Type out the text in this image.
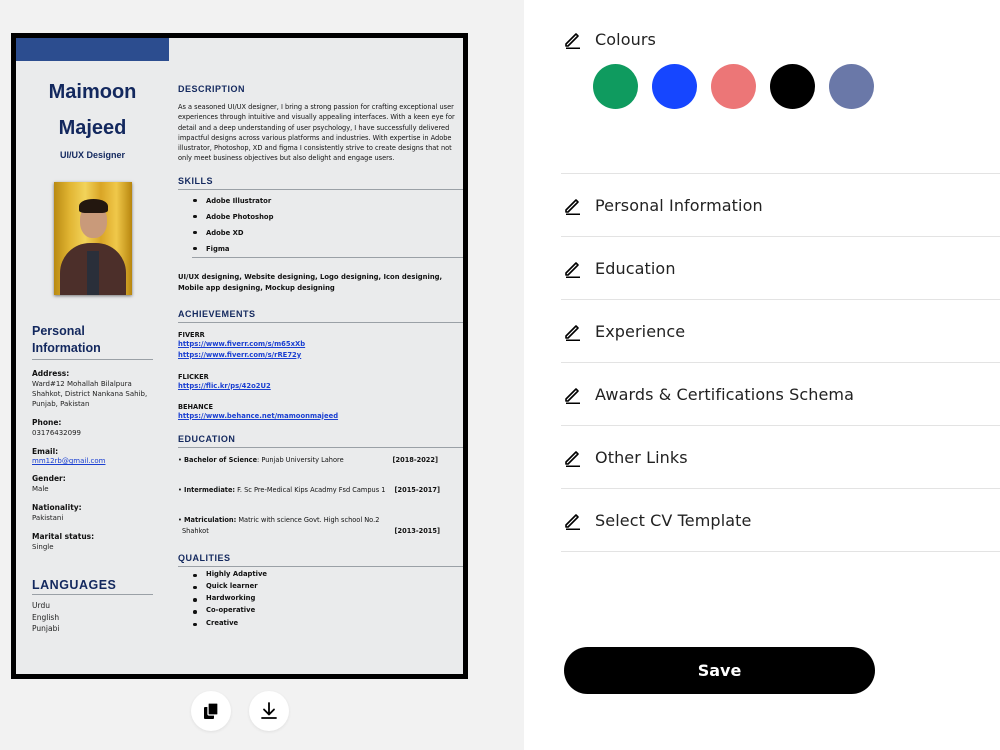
Maimoon
Majeed
UI/UX Designer
Personal Information
Address:
Ward#12 Mohallah Bilalpura Shahkot, District Nankana Sahib, Punjab, Pakistan
Phone:
03176432099
Email:
mm12rb@gmail.com
Gender:
Male
Nationality:
Pakistani
Marital status:
Single
LANGUAGES
Urdu
English
Punjabi
DESCRIPTION
As a seasoned UI/UX designer, I bring a strong passion for crafting exceptional user experiences through intuitive and visually appealing interfaces. With a keen eye for detail and a deep understanding of user psychology, I have successfully delivered impactful designs across various platforms and industries. With expertise in Adobe illustrator, Photoshop, XD and figma I consistently strive to create designs that not only meet business objectives but also delight and engage users.
SKILLS
Adobe Illustrator
Adobe Photoshop
Adobe XD
Figma
UI/UX designing, Website designing, Logo designing, Icon designing, Mobile app designing, Mockup designing
ACHIEVEMENTS
FIVERR
https://www.fiverr.com/s/m65xXb
https://www.fiverr.com/s/rRE72y
FLICKER
https://flic.kr/ps/42o2U2
BEHANCE
https://www.behance.net/mamoonmajeed
EDUCATION
• Bachelor of Science: Punjab University Lahore	[2018-2022]
• Intermediate: F. Sc Pre-Medical Kips Acadmy Fsd Campus 1 [2015-2017]
• Matriculation: Matric with science Govt. High school No.2
Shahkot	[2013-2015]
QUALITIES
Highly Adaptive
Quick learner
Hardworking
Co-operative
Creative
Colours
Personal Information
Education
Experience
Awards & Certifications Schema
Other Links
Select CV Template
Save
